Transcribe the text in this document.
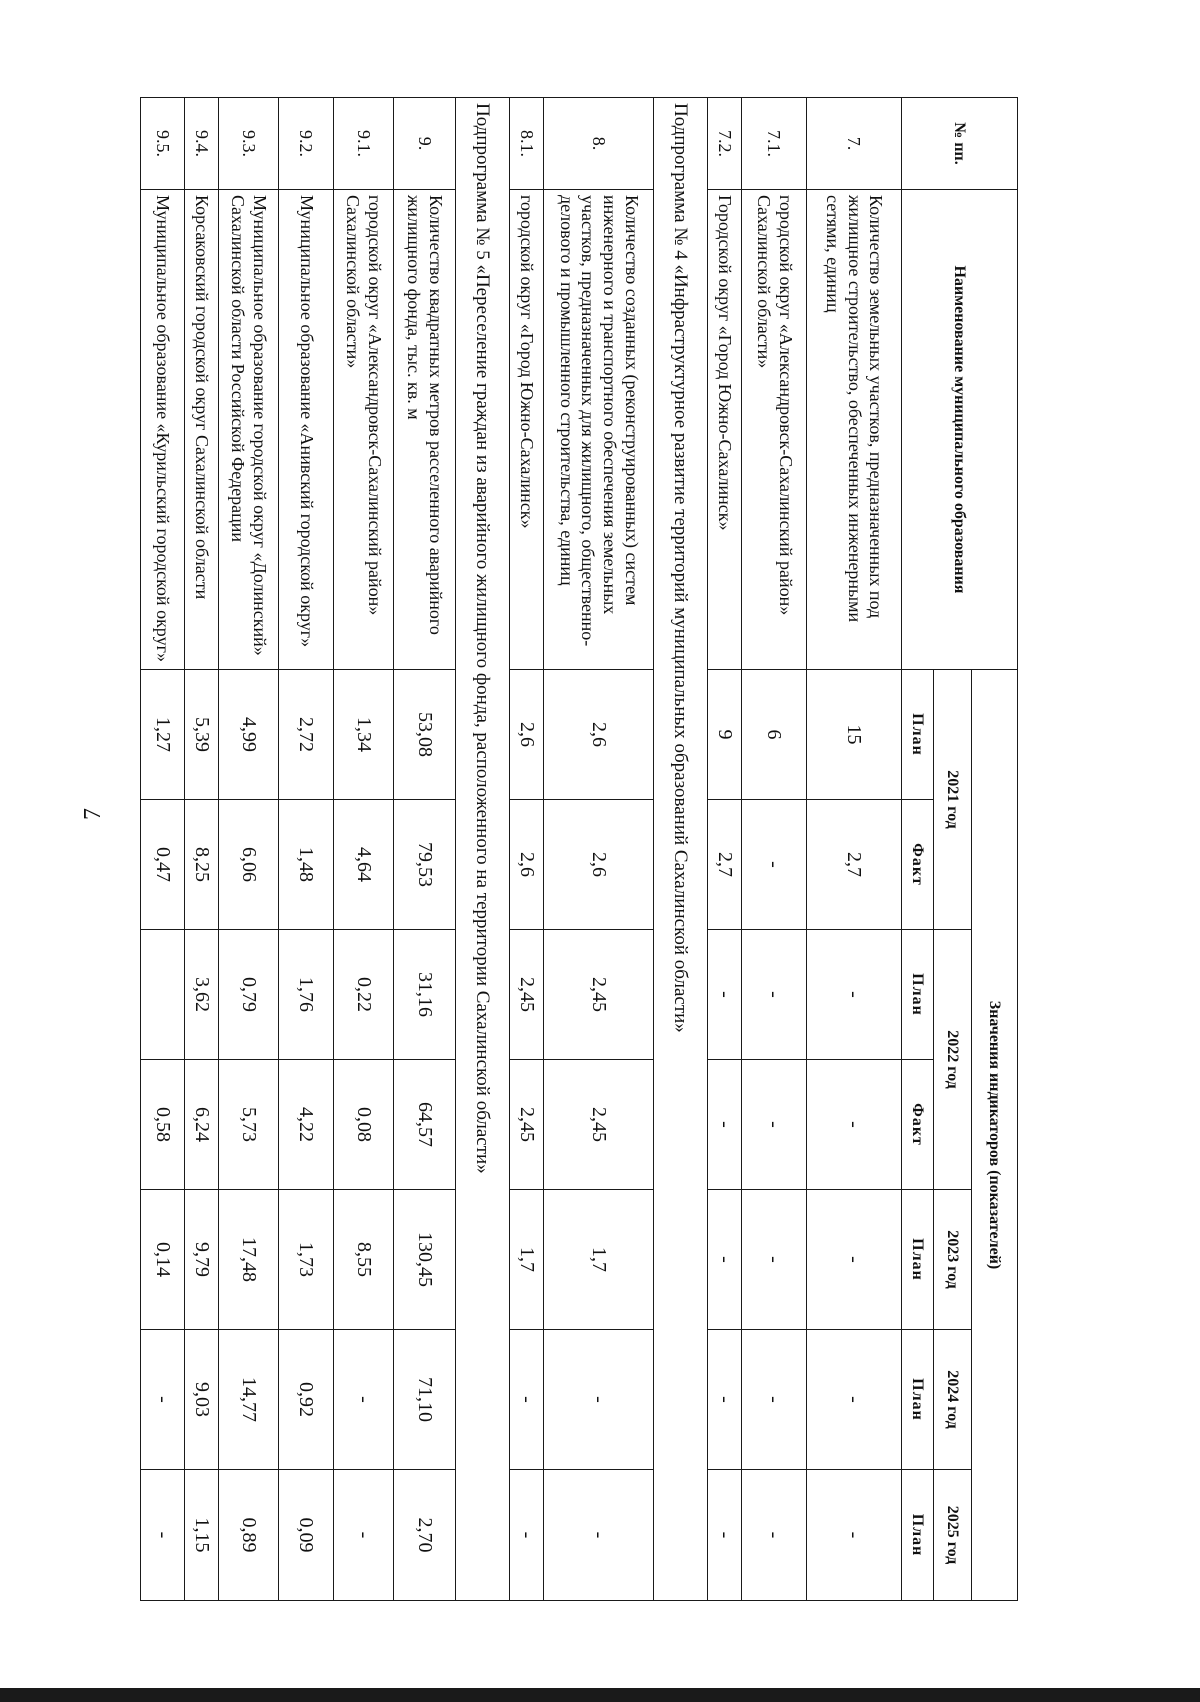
7
№ пп.	Наименование муниципального образования	Значения индикаторов (показателей)						
		2021 год		2022 год		2023 год	2024 год	2025 год
		План	Факт	План	Факт	План	План	План
7.	Количество земельных участков, предназначенных под жилищное строительство, обеспеченных инженерными сетями, единиц	15	2,7	-	-	-	-	-
7.1.	городской округ «Александровск-Сахалинский район» Сахалинской области»	6	-	-	-	-	-	-
7.2.	Городской округ «Город Южно-Сахалинск»	9	2,7	-	-	-	-	-
Подпрограмма № 4 «Инфраструктурное развитие территорий муниципальных образований Сахалинской области»								
8.	Количество созданных (реконструированных) систем инженерного и транспортного обеспечения земельных участков, предназначенных для жилищного, общественно-делового и промышленного строительства, единиц	2,6	2,6	2,45	2,45	1,7	-	-
8.1.	городской округ «Город Южно-Сахалинск»	2,6	2,6	2,45	2,45	1,7	-	-
Подпрограмма № 5 «Переселение граждан из аварийного жилищного фонда, расположенного на территории Сахалинской области»								
9.	Количество квадратных метров расселенного аварийного жилищного фонда, тыс. кв. м	53,08	79,53	31,16	64,57	130,45	71,10	2,70
9.1.	городской округ «Александровск-Сахалинский район» Сахалинской области»	1,34	4,64	0,22	0,08	8,55	-	-
9.2.	Муниципальное образование «Анивский городской округ»	2,72	1,48	1,76	4,22	1,73	0,92	0,09
9.3.	Муниципальное образование городской округ «Долинский» Сахалинской области Российской Федерации	4,99	6,06	0,79	5,73	17,48	14,77	0,89
9.4.	Корсаковский городской округ Сахалинской области	5,39	8,25	3,62	6,24	9,79	9,03	1,15
9.5.	Муниципальное образование «Курильский городской округ»	1,27	0,47		0,58	0,14	-	-
